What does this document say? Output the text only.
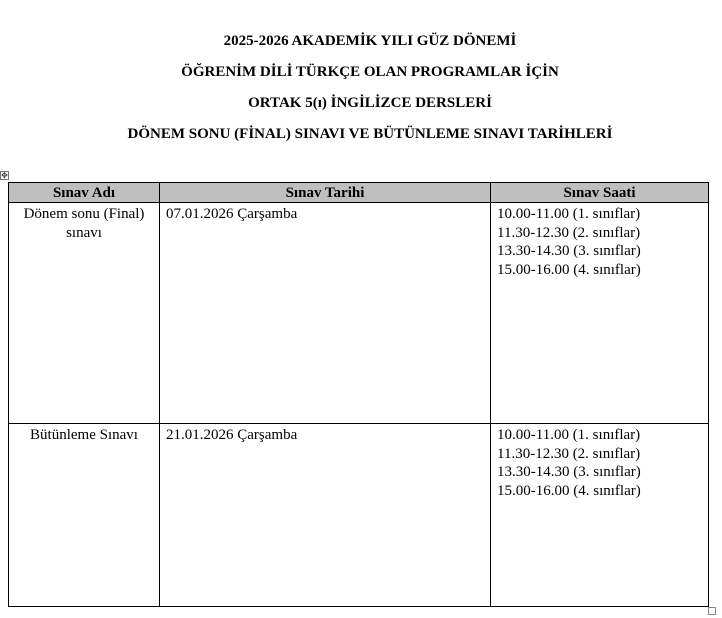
2025-2026 AKADEMİK YILI GÜZ DÖNEMİ
ÖĞRENİM DİLİ TÜRKÇE OLAN PROGRAMLAR İÇİN
ORTAK 5(ı) İNGİLİZCE DERSLERİ
DÖNEM SONU (FİNAL) SINAVI VE BÜTÜNLEME SINAVI TARİHLERİ
✥
Sınav Adı	Sınav Tarihi	Sınav Saati
Dönem sonu (Final) sınavı	07.01.2026 Çarşamba	10.00-11.00 (1. sınıflar)
11.30-12.30 (2. sınıflar)
13.30-14.30 (3. sınıflar)
15.00-16.00 (4. sınıflar)

Bütünleme Sınavı	21.01.2026 Çarşamba	10.00-11.00 (1. sınıflar)
11.30-12.30 (2. sınıflar)
13.30-14.30 (3. sınıflar)
15.00-16.00 (4. sınıflar)
